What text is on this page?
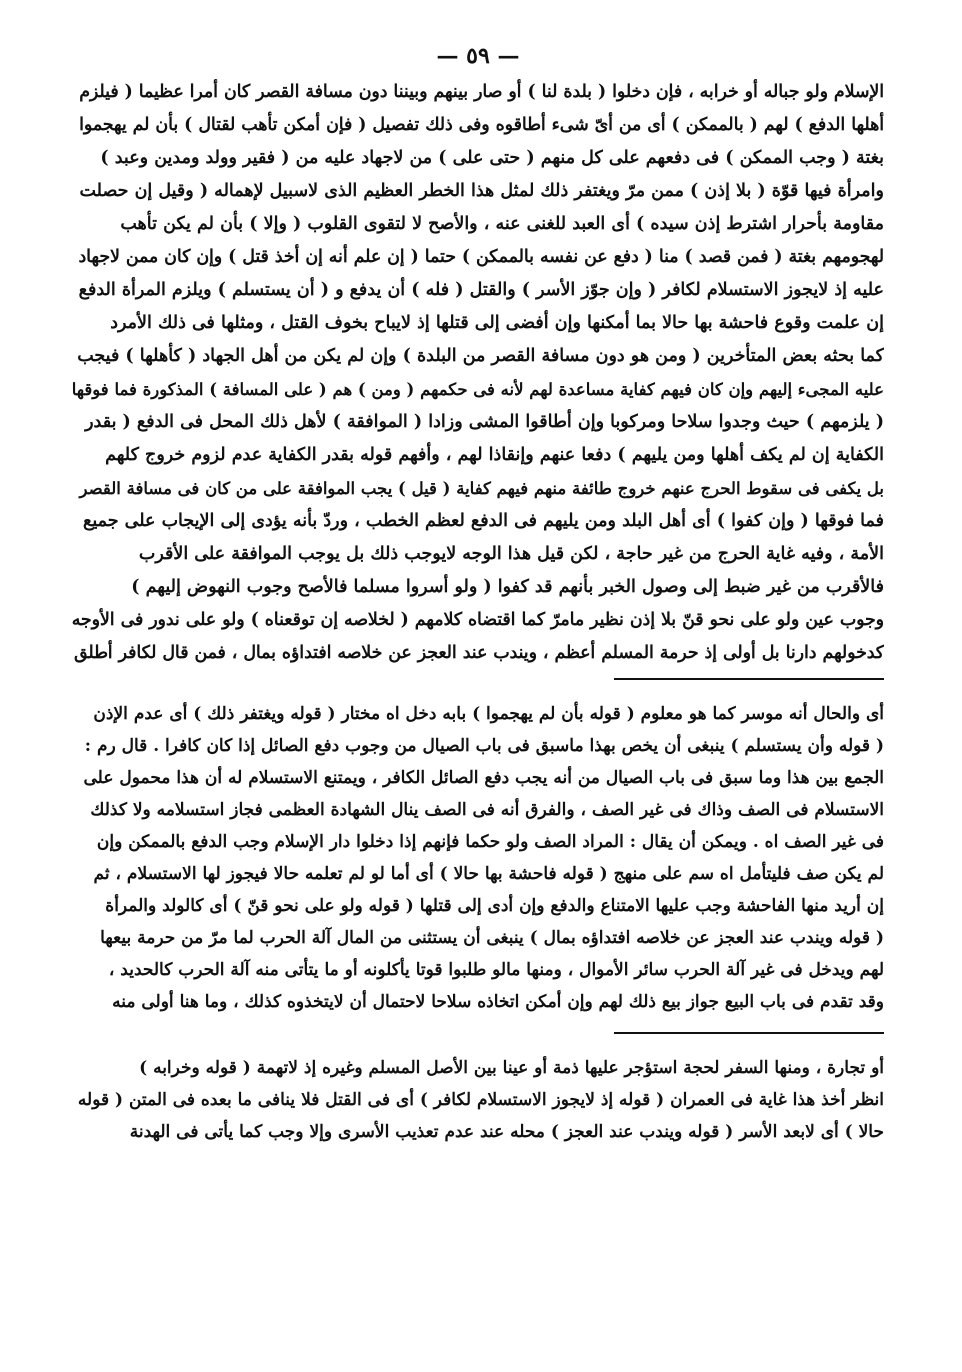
— ٥٩ —
الإسلام ولو جباله أو خرابه ، فإن دخلوا ( بلدة لنا ) أو صار بينهم وبيننا دون مسافة القصر كان أمرا عظيما ( فيلزم
أهلها الدفع ) لهم ( بالممكن ) أى من أىّ شىء أطاقوه وفى ذلك تفصيل ( فإن أمكن تأهب لقتال ) بأن لم يهجموا
بغتة ( وجب الممكن ) فى دفعهم على كل منهم ( حتى على ) من لاجهاد عليه من ( فقير وولد ومدين وعبد )
وامرأة فيها قوّة ( بلا إذن ) ممن مرّ ويغتفر ذلك لمثل هذا الخطر العظيم الذى لاسبيل لإهماله ( وقيل إن حصلت
مقاومة بأحرار اشترط إذن سيده ) أى العبد للغنى عنه ، والأصح لا لتقوى القلوب ( وإلا ) بأن لم يكن تأهب
لهجومهم بغتة ( فمن قصد ) منا ( دفع عن نفسه بالممكن ) حتما ( إن علم أنه إن أخذ قتل ) وإن كان ممن لاجهاد
عليه إذ لايجوز الاستسلام لكافر ( وإن جوّز الأسر ) والقتل ( فله ) أن يدفع و ( أن يستسلم ) ويلزم المرأة الدفع
إن علمت وقوع فاحشة بها حالا بما أمكنها وإن أفضى إلى قتلها إذ لايباح بخوف القتل ، ومثلها فى ذلك الأمرد
كما بحثه بعض المتأخرين ( ومن هو دون مسافة القصر من البلدة ) وإن لم يكن من أهل الجهاد ( كأهلها ) فيجب
عليه المجىء إليهم وإن كان فيهم كفاية مساعدة لهم لأنه فى حكمهم ( ومن ) هم ( على المسافة ) المذكورة فما فوقها
( يلزمهم ) حيث وجدوا سلاحا ومركوبا وإن أطاقوا المشى وزادا ( الموافقة ) لأهل ذلك المحل فى الدفع ( بقدر
الكفاية إن لم يكف أهلها ومن يليهم ) دفعا عنهم وإنقاذا لهم ، وأفهم قوله بقدر الكفاية عدم لزوم خروج كلهم
بل يكفى فى سقوط الحرج عنهم خروج طائفة منهم فيهم كفاية ( قيل ) يجب الموافقة على من كان فى مسافة القصر
فما فوقها ( وإن كفوا ) أى أهل البلد ومن يليهم فى الدفع لعظم الخطب ، وردّ بأنه يؤدى إلى الإيجاب على جميع
الأمة ، وفيه غاية الحرج من غير حاجة ، لكن قيل هذا الوجه لايوجب ذلك بل يوجب الموافقة على الأقرب
فالأقرب من غير ضبط إلى وصول الخبر بأنهم قد كفوا ( ولو أسروا مسلما فالأصح وجوب النهوض إليهم )
وجوب عين ولو على نحو قنّ بلا إذن نظير مامرّ كما اقتضاه كلامهم ( لخلاصه إن توقعناه ) ولو على ندور فى الأوجه
كدخولهم دارنا بل أولى إذ حرمة المسلم أعظم ، ويندب عند العجز عن خلاصه افتداؤه بمال ، فمن قال لكافر أطلق
أى والحال أنه موسر كما هو معلوم ( قوله بأن لم يهجموا ) بابه دخل اه مختار ( قوله ويغتفر ذلك ) أى عدم الإذن
( قوله وأن يستسلم ) ينبغى أن يخص بهذا ماسبق فى باب الصيال من وجوب دفع الصائل إذا كان كافرا . قال رم :
الجمع بين هذا وما سبق فى باب الصيال من أنه يجب دفع الصائل الكافر ، ويمتنع الاستسلام له أن هذا محمول على
الاستسلام فى الصف وذاك فى غير الصف ، والفرق أنه فى الصف ينال الشهادة العظمى فجاز استسلامه ولا كذلك
فى غير الصف اه . ويمكن أن يقال : المراد الصف ولو حكما فإنهم إذا دخلوا دار الإسلام وجب الدفع بالممكن وإن
لم يكن صف فليتأمل اه سم على منهج ( قوله فاحشة بها حالا ) أى أما لو لم تعلمه حالا فيجوز لها الاستسلام ، ثم
إن أريد منها الفاحشة وجب عليها الامتناع والدفع وإن أدى إلى قتلها ( قوله ولو على نحو قنّ ) أى كالولد والمرأة
( قوله ويندب عند العجز عن خلاصه افتداؤه بمال ) ينبغى أن يستثنى من المال آلة الحرب لما مرّ من حرمة بيعها
لهم ويدخل فى غير آلة الحرب سائر الأموال ، ومنها مالو طلبوا قوتا يأكلونه أو ما يتأتى منه آلة الحرب كالحديد ،
وقد تقدم فى باب البيع جواز بيع ذلك لهم وإن أمكن اتخاذه سلاحا لاحتمال أن لايتخذوه كذلك ، وما هنا أولى منه
أو تجارة ، ومنها السفر لحجة استؤجر عليها ذمة أو عينا بين الأصل المسلم وغيره إذ لاتهمة ( قوله وخرابه )
انظر أخذ هذا غاية فى العمران ( قوله إذ لايجوز الاستسلام لكافر ) أى فى القتل فلا ينافى ما بعده فى المتن ( قوله
حالا ) أى لابعد الأسر ( قوله ويندب عند العجز ) محله عند عدم تعذيب الأسرى وإلا وجب كما يأتى فى الهدنة
